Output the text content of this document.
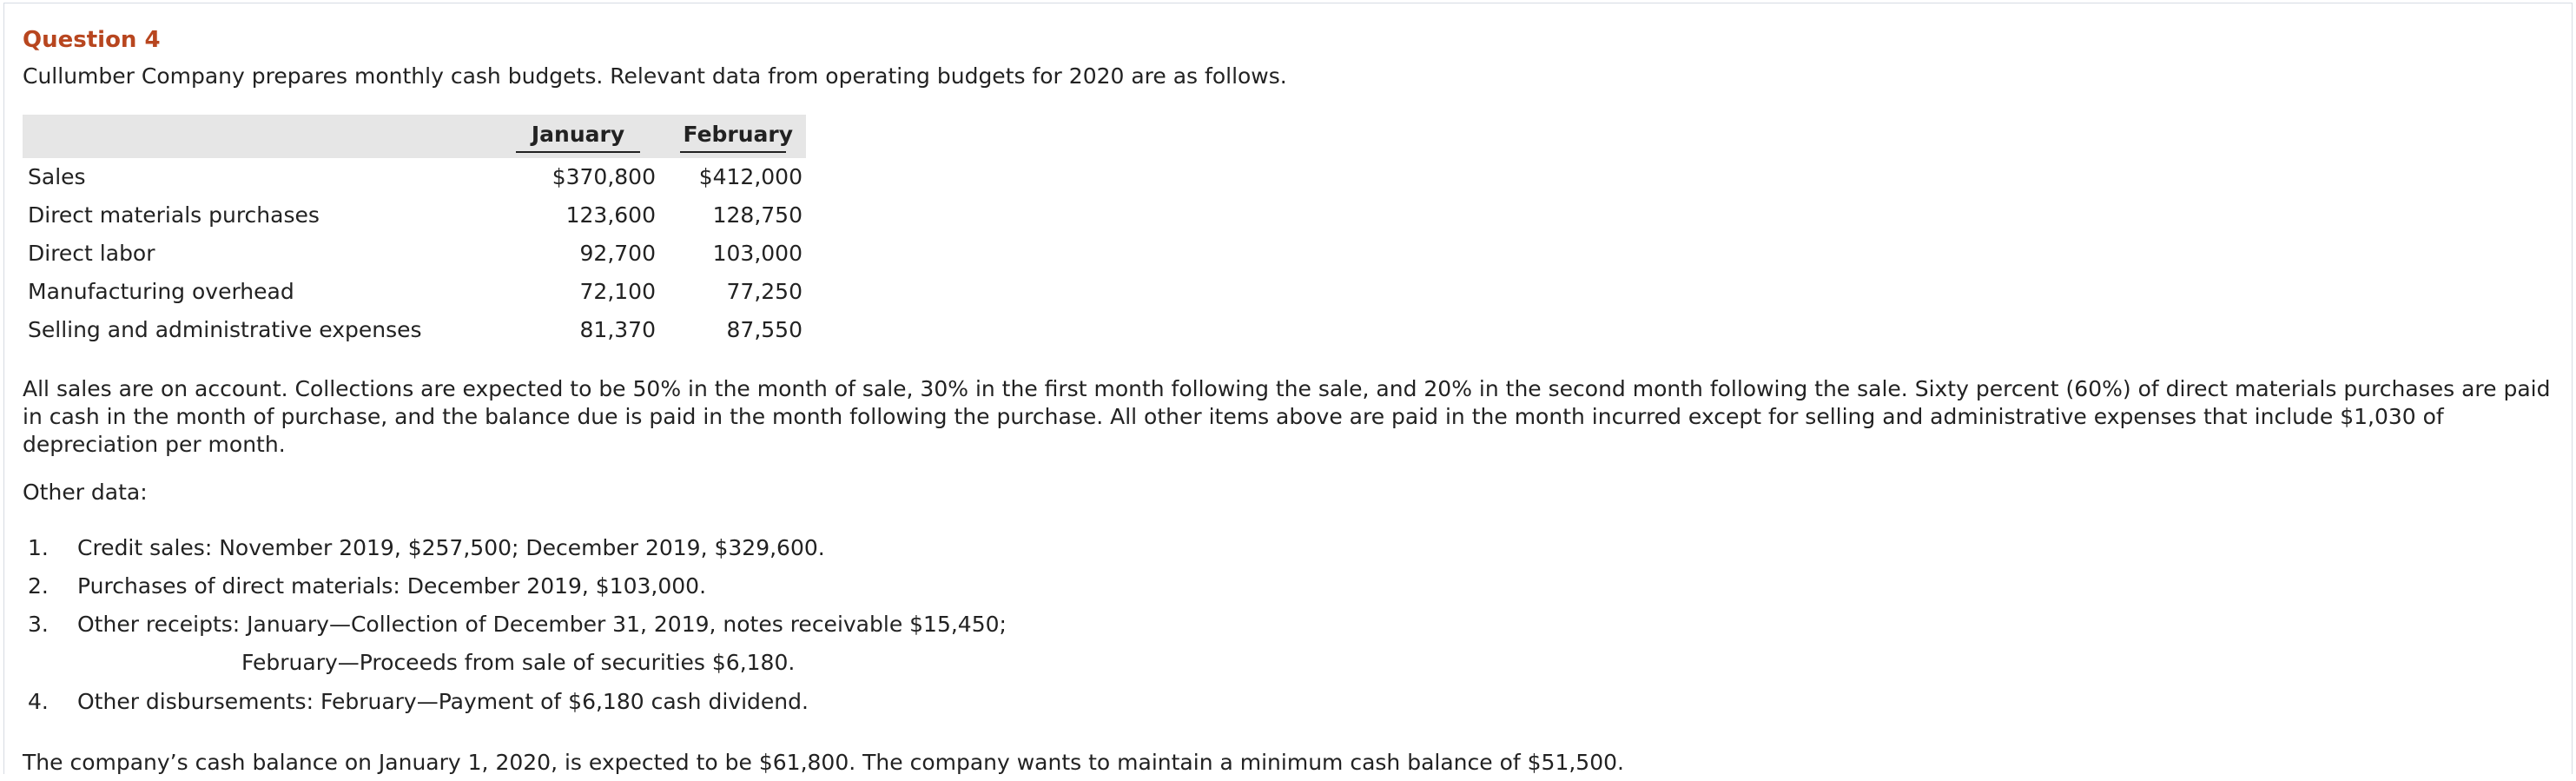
Question 4
Cullumber Company prepares monthly cash budgets. Relevant data from operating budgets for 2020 are as follows.
	January	February
Sales	$370,800	$412,000
Direct materials purchases	123,600	128,750
Direct labor	92,700	103,000
Manufacturing overhead	72,100	77,250
Selling and administrative expenses	81,370	87,550
All sales are on account. Collections are expected to be 50% in the month of sale, 30% in the first month following the sale, and 20% in the second month following the sale. Sixty percent (60%) of direct materials purchases are paid in cash in the month of purchase, and the balance due is paid in the month following the purchase. All other items above are paid in the month incurred except for selling and administrative expenses that include $1,030 of depreciation per month.
Other data:
1. Credit sales: November 2019, $257,500; December 2019, $329,600.
2. Purchases of direct materials: December 2019, $103,000.
3. Other receipts: January—Collection of December 31, 2019, notes receivable $15,450;
February—Proceeds from sale of securities $6,180.
4. Other disbursements: February—Payment of $6,180 cash dividend.
The company’s cash balance on January 1, 2020, is expected to be $61,800. The company wants to maintain a minimum cash balance of $51,500.
